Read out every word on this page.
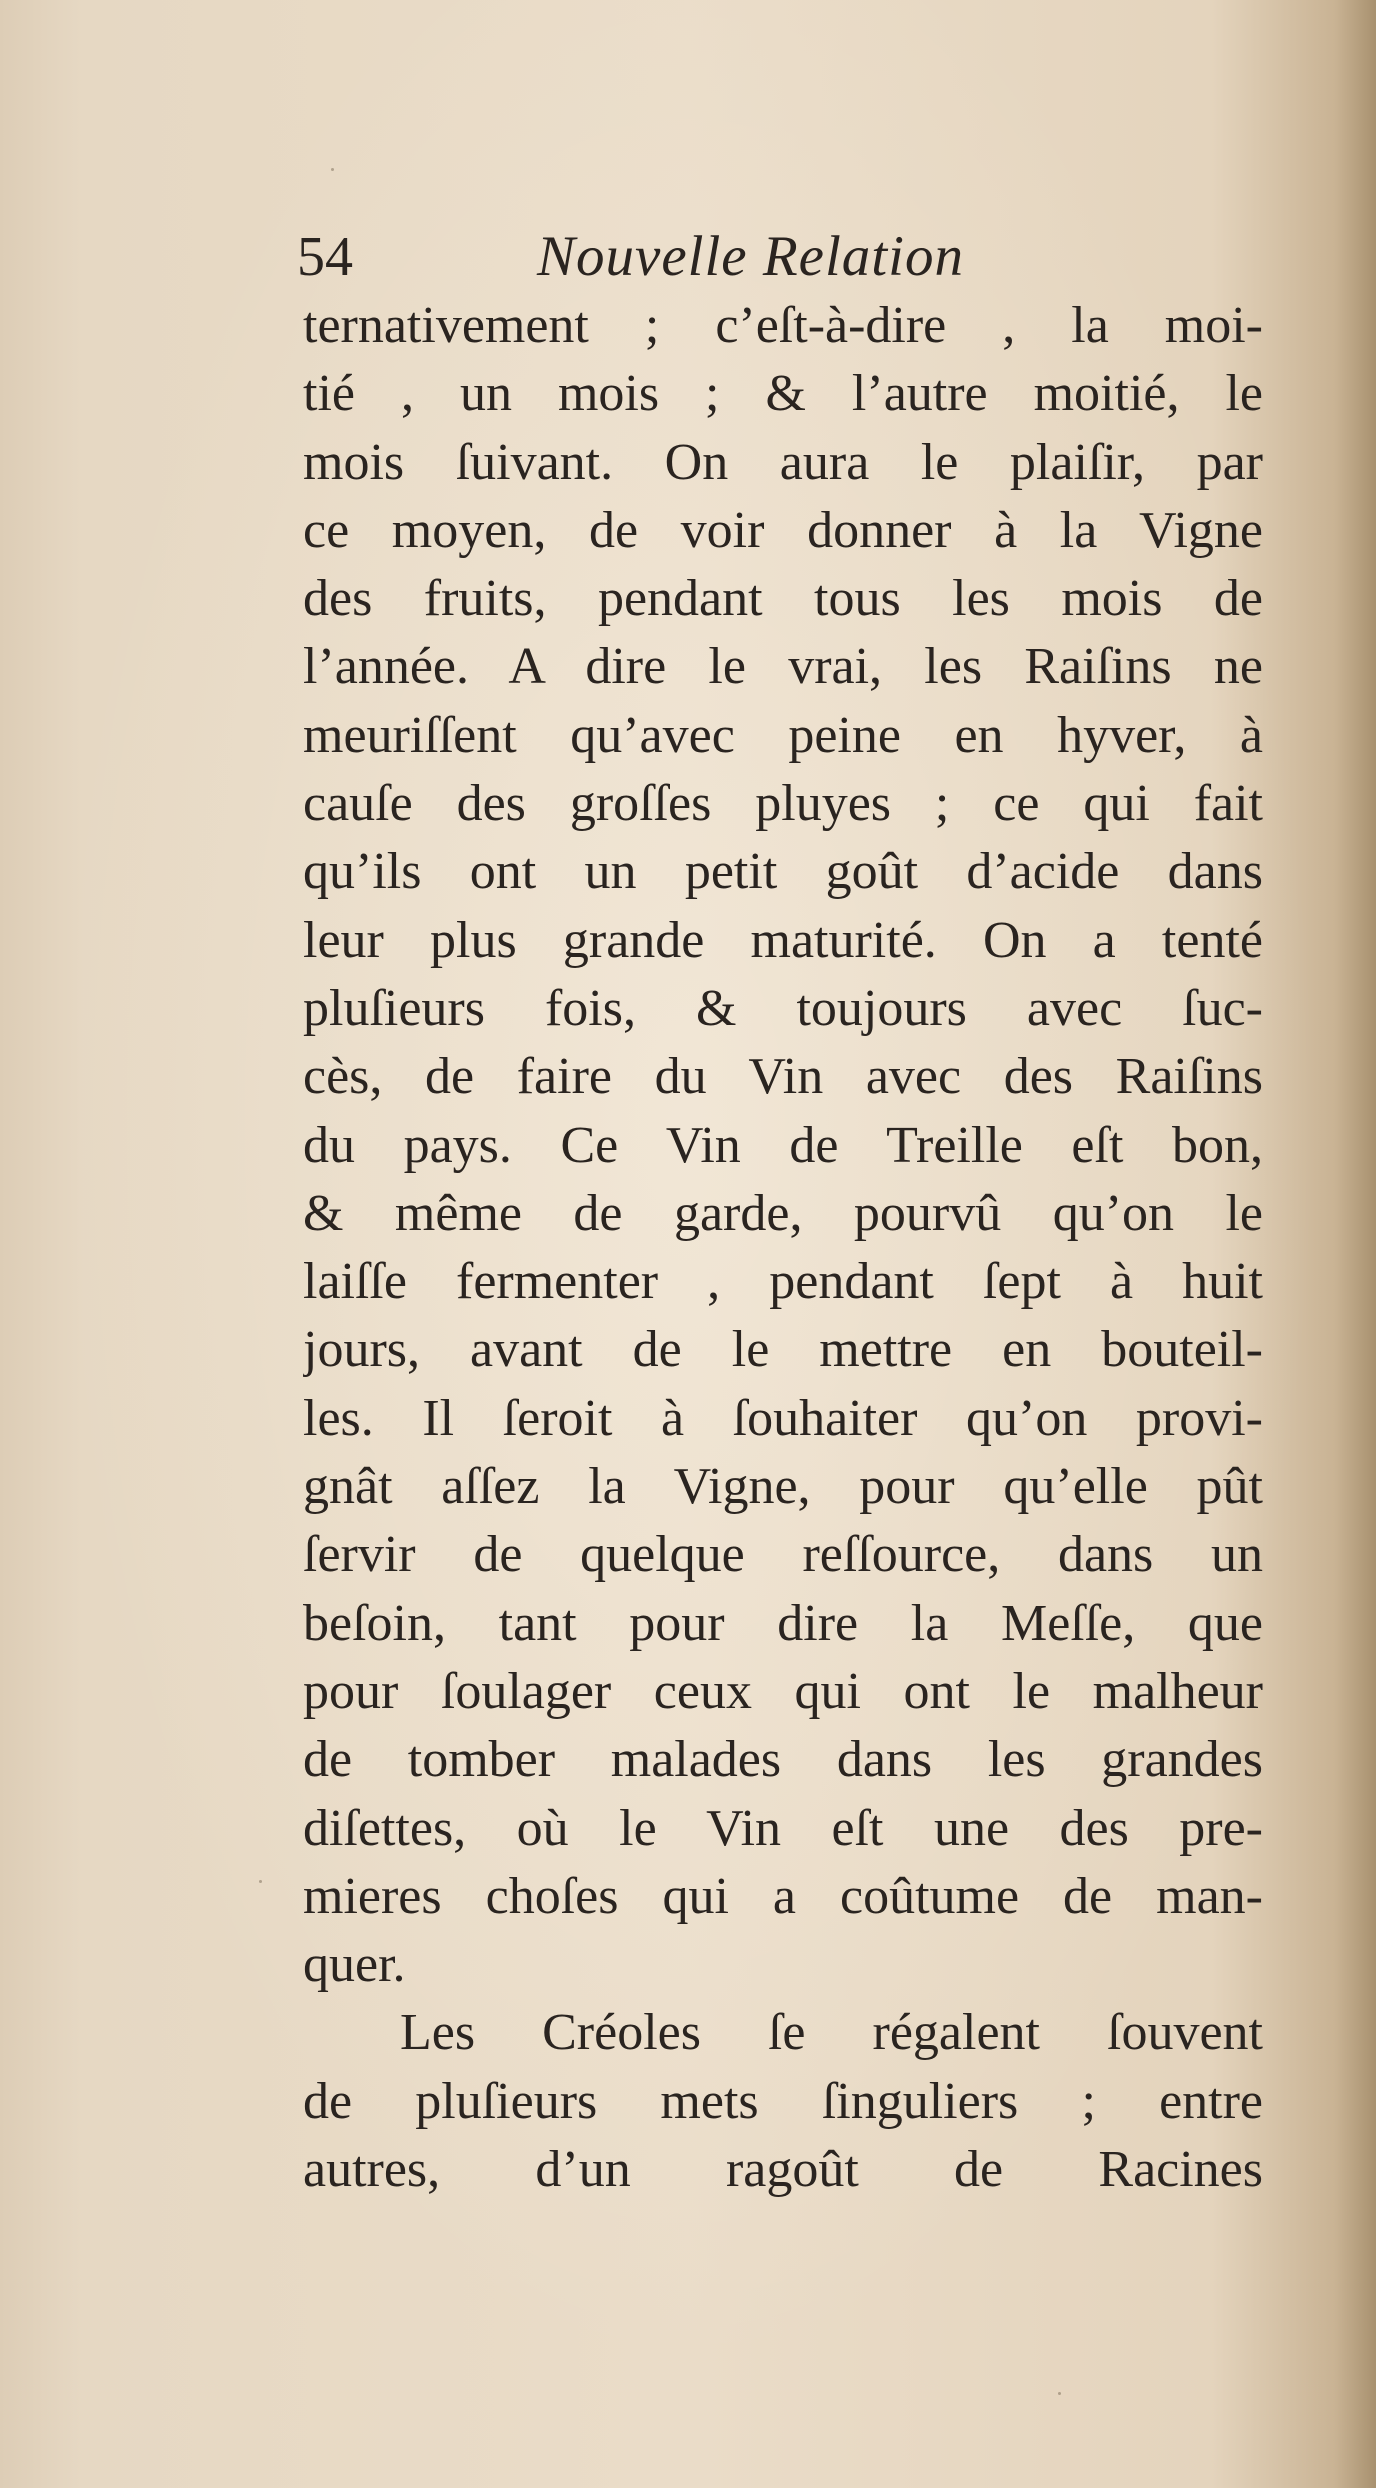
54	Nouvelle Relation
ternativement ; c’eſt-à-dire , la moi-
tié , un mois ; & l’autre moitié, le
mois ſuivant. On aura le plaiſir, par
ce moyen, de voir donner à la Vigne
des fruits, pendant tous les mois de
l’année. A dire le vrai, les Raiſins ne
meuriſſent qu’avec peine en hyver, à
cauſe des groſſes pluyes ; ce qui fait
qu’ils ont un petit goût d’acide dans
leur plus grande maturité. On a tenté
pluſieurs fois, & toujours avec ſuc-
cès, de faire du Vin avec des Raiſins
du pays. Ce Vin de Treille eſt bon,
& même de garde, pourvû qu’on le
laiſſe fermenter , pendant ſept à huit
jours, avant de le mettre en bouteil-
les. Il ſeroit à ſouhaiter qu’on provi-
gnât aſſez la Vigne, pour qu’elle pût
ſervir de quelque reſſource, dans un
beſoin, tant pour dire la Meſſe, que
pour ſoulager ceux qui ont le malheur
de tomber malades dans les grandes
diſettes, où le Vin eſt une des pre-
mieres choſes qui a coûtume de man-
quer.
Les Créoles ſe régalent ſouvent
de pluſieurs mets ſinguliers ; entre
autres, d’un ragoût de Racines
